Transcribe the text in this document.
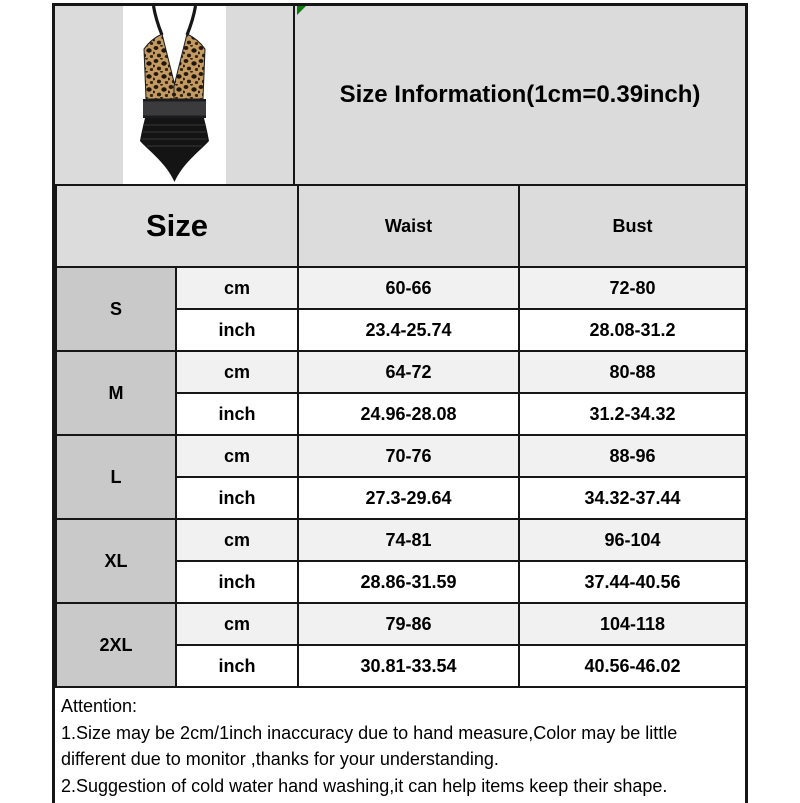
Size Information(1cm=0.39inch)
Size		Waist	Bust
S	cm	60-66	72-80
	inch	23.4-25.74	28.08-31.2
M	cm	64-72	80-88
	inch	24.96-28.08	31.2-34.32
L	cm	70-76	88-96
	inch	27.3-29.64	34.32-37.44
XL	cm	74-81	96-104
	inch	28.86-31.59	37.44-40.56
2XL	cm	79-86	104-118
	inch	30.81-33.54	40.56-46.02
Attention:
1.Size may be 2cm/1inch inaccuracy due to hand measure,Color may be little
different due to monitor ,thanks for your understanding.
2.Suggestion of cold water hand washing,it can help items keep their shape.
